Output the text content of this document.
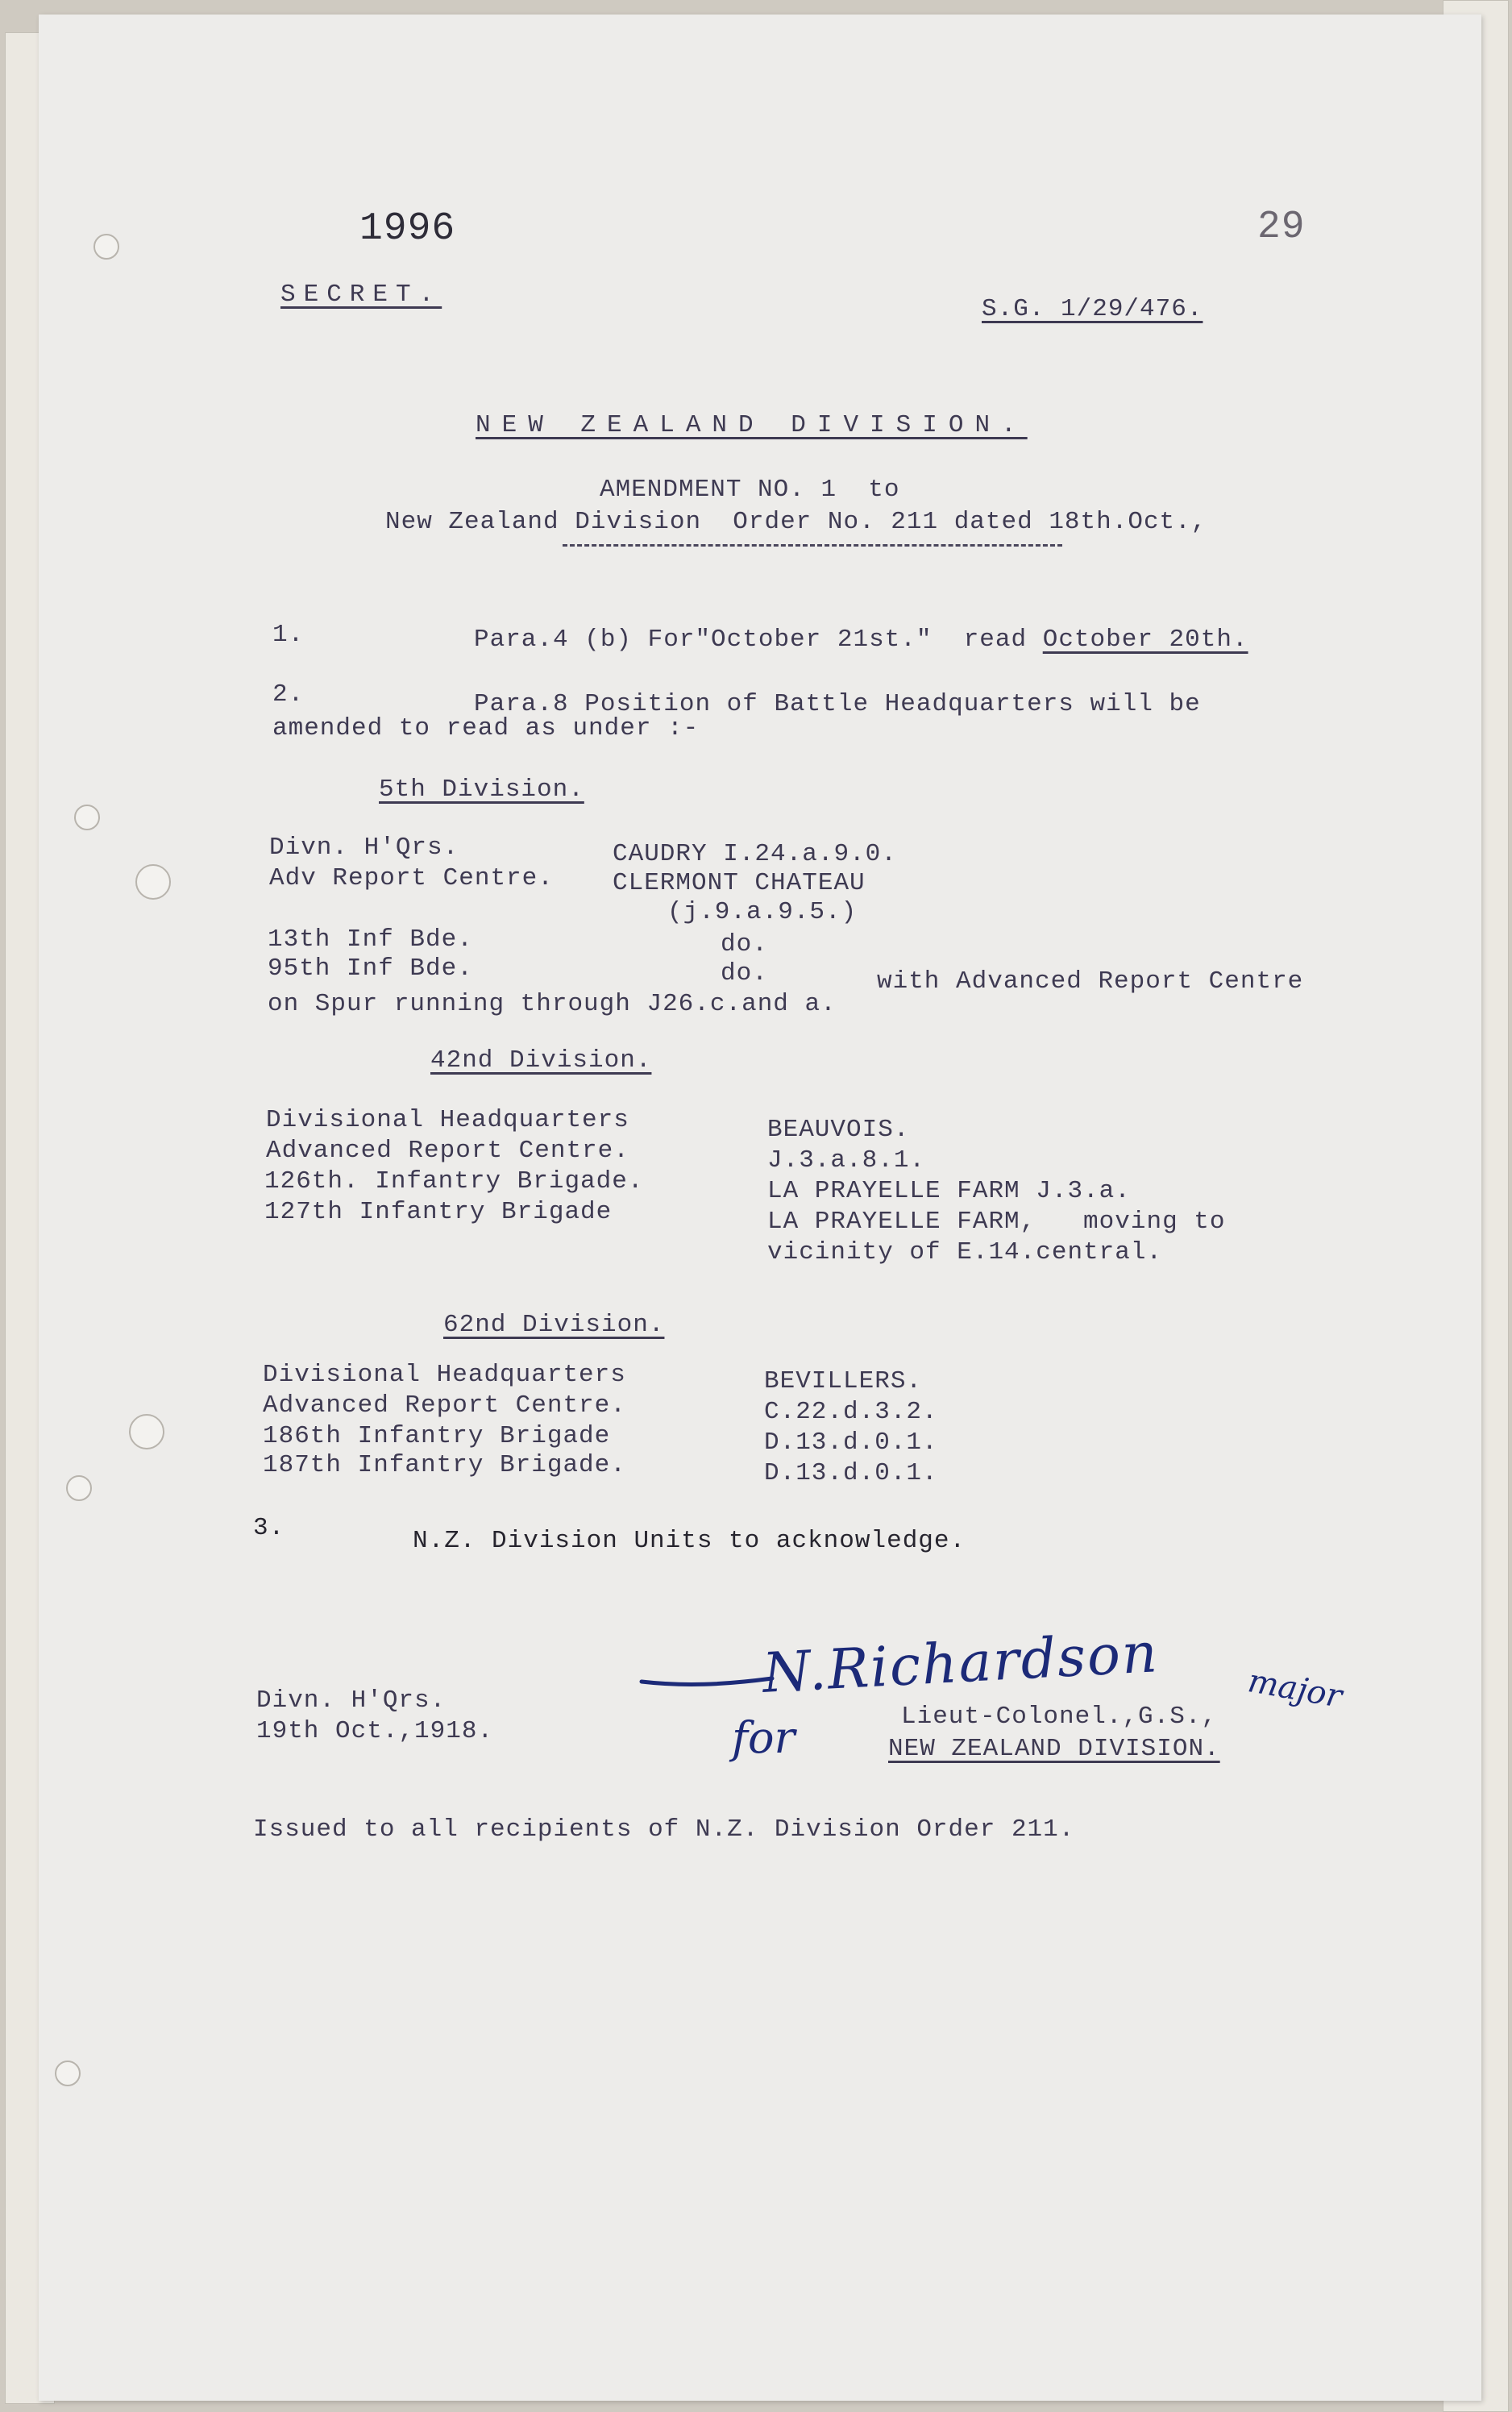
1996	29
SECRET.
S.G. 1/29/476.
NEW ZEALAND DIVISION.
AMENDMENT NO. 1  to
New Zealand Division  Order No. 211 dated 18th.Oct.,
1.	Para.4 (b) For"October 21st."  read October 20th.
2.	Para.8 Position of Battle Headquarters will be
amended to read as under :-
5th Division.
Divn. H'Qrs.	CAUDRY I.24.a.9.0.
Adv Report Centre. CLERMONT CHATEAU
(j.9.a.9.5.)
13th Inf Bde.	do.
95th Inf Bde.	do.	with Advanced Report Centre
on Spur running through J26.c.and a.
42nd Division.
Divisional Headquarters	BEAUVOIS.
Advanced Report Centre.	J.3.a.8.1.
126th. Infantry Brigade.	LA PRAYELLE FARM J.3.a.
127th Infantry Brigade	LA PRAYELLE FARM,   moving to
vicinity of E.14.central.
62nd Division.
Divisional Headquarters	BEVILLERS.
Advanced Report Centre.	C.22.d.3.2.
186th Infantry Brigade	D.13.d.0.1.
187th Infantry Brigade.	D.13.d.0.1.
3.	N.Z. Division Units to acknowledge.
Divn. H'Qrs.
19th Oct.,1918.
N.Richardson	major
for	Lieut-Colonel.,G.S.,
NEW ZEALAND DIVISION.
Issued to all recipients of N.Z. Division Order 211.
